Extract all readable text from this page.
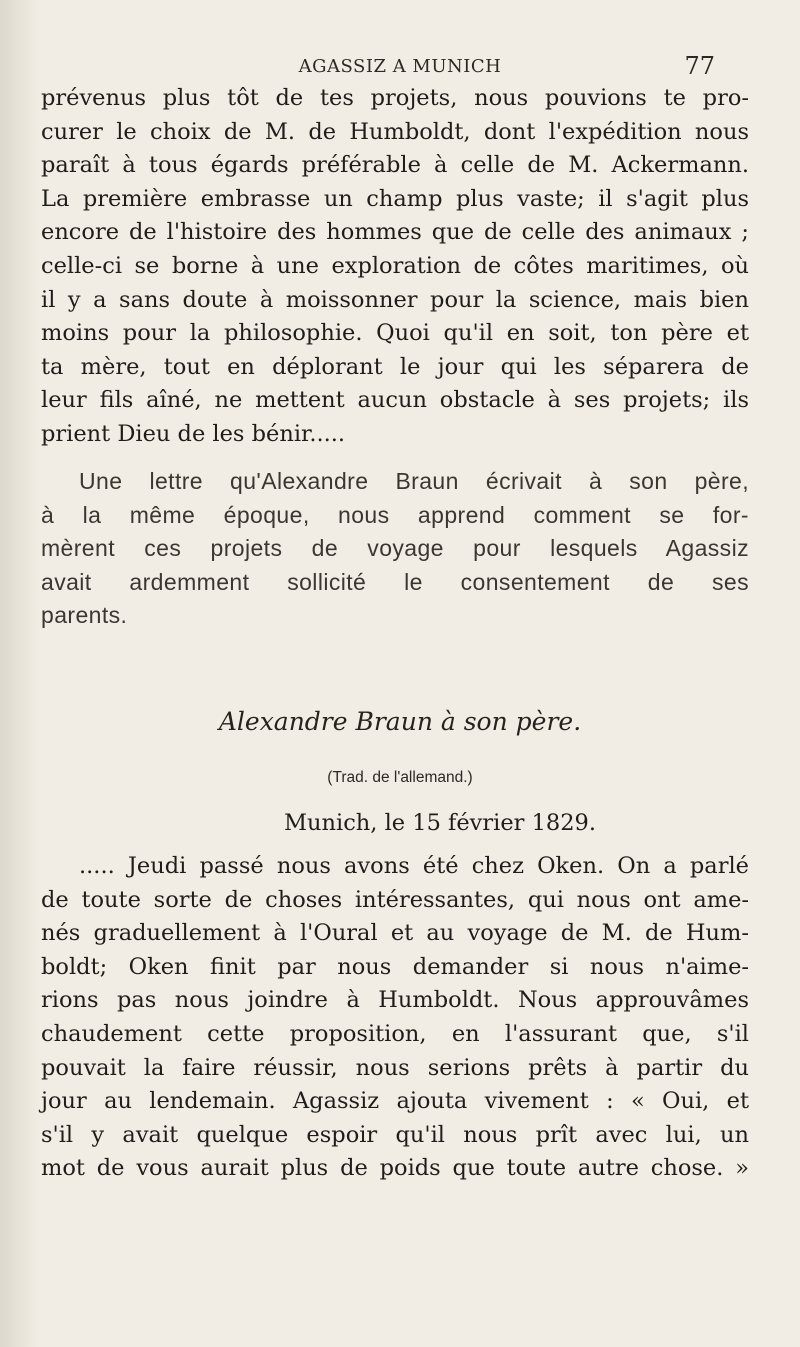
AGASSIZ A MUNICH	77
prévenus plus tôt de tes projets, nous pouvions te pro-
curer le choix de M. de Humboldt, dont l'expédition nous
paraît à tous égards préférable à celle de M. Ackermann.
La première embrasse un champ plus vaste; il s'agit plus
encore de l'histoire des hommes que de celle des animaux ;
celle-ci se borne à une exploration de côtes maritimes, où
il y a sans doute à moissonner pour la science, mais bien
moins pour la philosophie. Quoi qu'il en soit, ton père et
ta mère, tout en déplorant le jour qui les séparera de
leur fils aîné, ne mettent aucun obstacle à ses projets; ils
prient Dieu de les bénir.....
Une lettre qu'Alexandre Braun écrivait à son père,
à la même époque, nous apprend comment se for-
mèrent ces projets de voyage pour lesquels Agassiz
avait ardemment sollicité le consentement de ses
parents.
Alexandre Braun à son père.
(Trad. de l'allemand.)
Munich, le 15 février 1829.
..... Jeudi passé nous avons été chez Oken. On a parlé
de toute sorte de choses intéressantes, qui nous ont ame-
nés graduellement à l'Oural et au voyage de M. de Hum-
boldt; Oken finit par nous demander si nous n'aime-
rions pas nous joindre à Humboldt. Nous approuvâmes
chaudement cette proposition, en l'assurant que, s'il
pouvait la faire réussir, nous serions prêts à partir du
jour au lendemain. Agassiz ajouta vivement : « Oui, et
s'il y avait quelque espoir qu'il nous prît avec lui, un
mot de vous aurait plus de poids que toute autre chose. »
